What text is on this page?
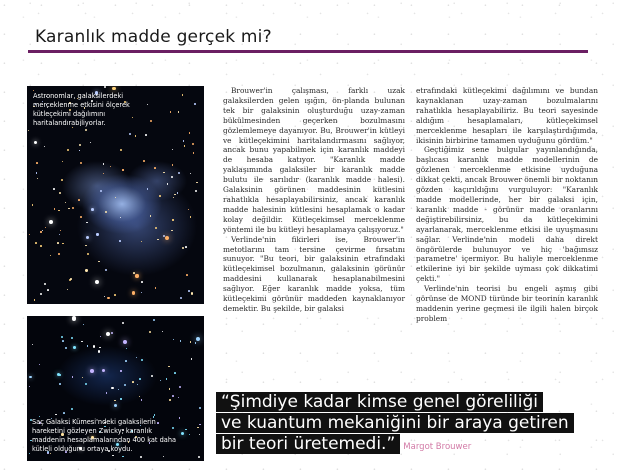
Karanlık madde gerçek mi?
Astronomlar, galaksilerdeki merceklenme etkisini ölçerek kütleçekimi dağılımını haritalandırabiliyorlar.
Saç Galaksi Kümesi'ndeki galaksilerin hareketini gözleyen Zwicky, karanlık maddenin hesaplamalarından 400 kat daha kütleli olduğunu ortaya koydu.

Brouwer'in çalışması, farklı uzak galaksilerden gelen ışığın, ön-planda bulunan tek bir galaksinin oluşturduğu uzay-zaman bükülmesinden geçerken bozulmasını gözlemlemeye dayanıyor. Bu, Brouwer'in kütleyi ve kütleçekimini haritalandırmasını sağlıyor, ancak bunu yapabilmek için karanlık maddeyi de hesaba katıyor. "Karanlık madde yaklaşımında galaksiler bir karanlık madde bulutu ile sarılıdır (karanlık madde halesi). Galaksinin görünen maddesinin kütlesini rahatlıkla hesaplayabilirsiniz, ancak karanlık madde halesinin kütlesini hesaplamak o kadar kolay değildir. Kütleçekimsel merceklenme yöntemi ile bu kütleyi hesaplamaya çalışıyoruz."

Verlinde'nin fikirleri ise, Brouwer'in metotlarını tam tersine çevirme fırsatını sunuyor. "Bu teori, bir galaksinin etrafındaki kütleçekimsel bozulmanın, galaksinin görünür maddesini kullanarak hesaplanabilmesini sağlıyor. Eğer karanlık madde yoksa, tüm kütleçekimi görünür maddeden kaynaklanıyor demektir. Bu şekilde, bir galaksi

etrafındaki kütleçekimi dağılımını ve bundan kaynaklanan uzay-zaman bozulmalarını rahatlıkla hesaplayabiliriz. Bu teori sayesinde aldığım hesaplamaları, kütleçekimsel merceklenme hesapları ile karşılaştırdığımda, ikisinin birbirine tamamen uyduğunu gördüm."

Geçtiğimiz sene bulgular yayınlandığında, başlıcası karanlık madde modellerinin de gözlenen merceklenme etkisine uyduğuna dikkat çekti, ancak Brouwer önemli bir noktanın gözden kaçırıldığını vurguluyor: "Karanlık madde modellerinde, her bir galaksi için, karanlık madde - görünür madde oranlarını değiştirebilirsiniz, bu da kütleçekimini ayarlanarak, merceklenme etkisi ile uyuşmasını sağlar. Verlinde'nin modeli daha direkt öngörülerde bulunuyor ve hiç 'bağımsız parametre' içermiyor. Bu haliyle merceklenme etkilerine iyi bir şekilde uyması çok dikkatimi çekti."

Verlinde'nin teorisi bu engeli aşmış gibi görünse de MOND türünde bir teorinin karanlık maddenin yerine geçmesi ile ilgili halen birçok problem

“Şimdiye kadar kimse genel göreliliği
ve kuantum mekaniğini bir araya getiren
bir teori üretemedi.” Margot Brouwer
